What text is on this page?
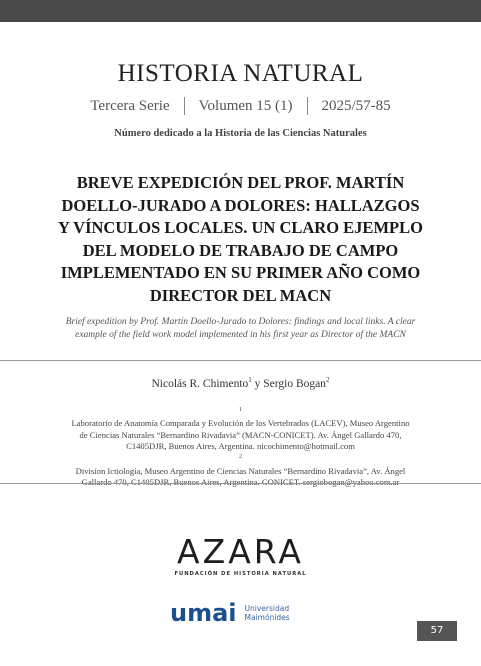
HISTORIA NATURAL
Tercera Serie Volumen 15 (1) 2025/57-85
Número dedicado a la Historia de las Ciencias Naturales
BREVE EXPEDICIÓN DEL PROF. MARTÍN
DOELLO-JURADO A DOLORES: HALLAZGOS
Y VÍNCULOS LOCALES. UN CLARO EJEMPLO
DEL MODELO DE TRABAJO DE CAMPO
IMPLEMENTADO EN SU PRIMER AÑO COMO
DIRECTOR DEL MACN
Brief expedition by Prof. Martín Doello-Jurado to Dolores: findings and local links. A clear
example of the field work model implemented in his first year as Director of the MACN
Nicolás R. Chimento$^1$ y Sergio Bogan$^2$
$^1$
Laboratorio de Anatomía Comparada y Evolución de los Vertebrados (LACEV), Museo Argentino
de Ciencias Naturales “Bernardino Rivadavia” (MACN-CONICET). Av. Ángel Gallardo 470,
C1405DJR, Buenos Aires, Argentina. nicochimento@hotmail.com
$^2$
Division Ictiología, Museo Argentino de Ciencias Naturales “Bernardino Rivadavia”, Av. Ángel
AZARA
FUNDACIÓN DE HISTORIA NATURAL
umai Universidad
Maimónides
57
